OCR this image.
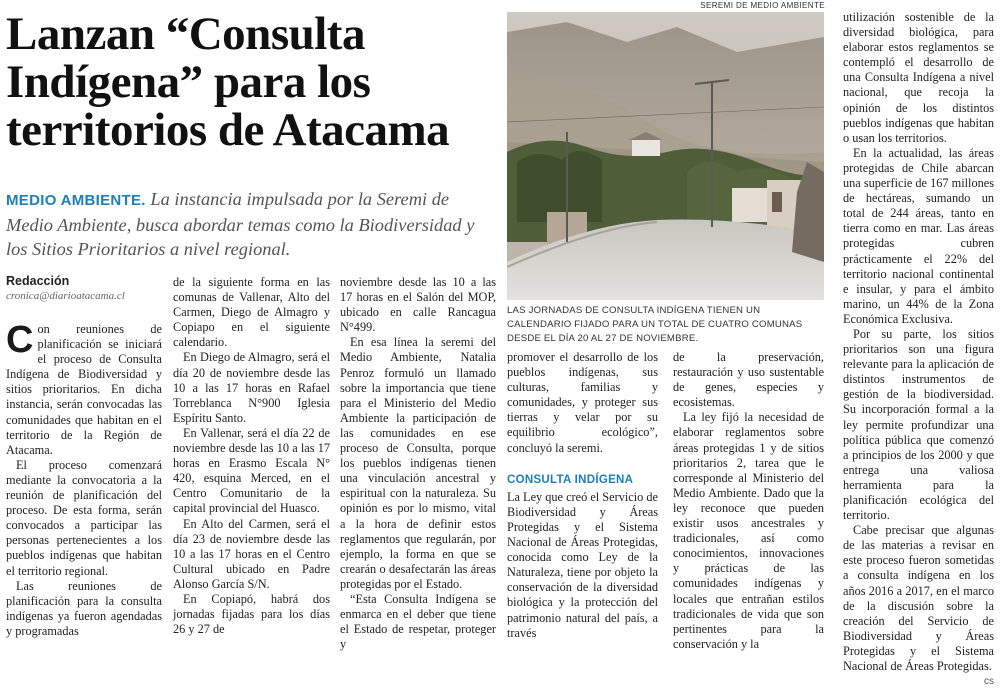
Lanzan “Consulta Indígena” para los territorios de Atacama
MEDIO AMBIENTE. La instancia impulsada por la Seremi de Medio Ambiente, busca abordar temas como la Biodiversidad y los Sitios Prioritarios a nivel regional.
Redacción
cronica@diarioatacama.cl

Con reuniones de planificación se iniciará el proceso de Consulta Indígena de Biodiversidad y sitios prioritarios. En dicha instancia, serán convocadas las comunidades que habitan en el territorio de la Región de Atacama.

El proceso comenzará mediante la convocatoria a la reunión de planificación del proceso. De esta forma, serán convocados a participar las personas pertenecientes a los pueblos indígenas que habitan el territorio regional.

Las reuniones de planificación para la consulta indígenas ya fueron agendadas y programadas

de la siguiente forma en las comunas de Vallenar, Alto del Carmen, Diego de Almagro y Copiapo en el siguiente calendario.

En Diego de Almagro, será el día 20 de noviembre desde las 10 a las 17 horas en Rafael Torreblanca N°900 Iglesia Espíritu Santo.

En Vallenar, será el día 22 de noviembre desde las 10 a las 17 horas en Erasmo Escala N° 420, esquina Merced, en el Centro Comunitario de la capital provincial del Huasco.

En Alto del Carmen, será el día 23 de noviembre desde las 10 a las 17 horas en el Centro Cultural ubicado en Padre Alonso García S/N.

En Copiapó, habrá dos jornadas fijadas para los días 26 y 27 de

noviembre desde las 10 a las 17 horas en el Salón del MOP, ubicado en calle Rancagua N°499.

En esa línea la seremi del Medio Ambiente, Natalia Penroz formuló un llamado sobre la importancia que tiene para el Ministerio del Medio Ambiente la participación de las comunidades en ese proceso de Consulta, porque los pueblos indígenas tienen una vinculación ancestral y espiritual con la naturaleza. Su opinión es por lo mismo, vital a la hora de definir estos reglamentos que regularán, por ejemplo, la forma en que se crearán o desafectarán las áreas protegidas por el Estado.

“Esta Consulta Indígena se enmarca en el deber que tiene el Estado de respetar, proteger y

SEREMI DE MEDIO AMBIENTE
LAS JORNADAS DE CONSULTA INDÍGENA TIENEN UN CALENDARIO FIJADO PARA UN TOTAL DE CUATRO COMUNAS DESDE EL DÍA 20 AL 27 DE NOVIEMBRE.

promover el desarrollo de los pueblos indígenas, sus culturas, familias y comunidades, y proteger sus tierras y velar por su equilibrio ecológico”, concluyó la seremi.

CONSULTA INDÍGENA

La Ley que creó el Servicio de Biodiversidad y Áreas Protegidas y el Sistema Nacional de Áreas Protegidas, conocida como Ley de la Naturaleza, tiene por objeto la conservación de la diversidad biológica y la protección del patrimonio natural del país, a través

de la preservación, restauración y uso sustentable de genes, especies y ecosistemas.

La ley fijó la necesidad de elaborar reglamentos sobre áreas protegidas 1 y de sitios prioritarios 2, tarea que le corresponde al Ministerio del Medio Ambiente. Dado que la ley reconoce que pueden existir usos ancestrales y tradicionales, así como conocimientos, innovaciones y prácticas de las comunidades indígenas y locales que entrañan estilos tradicionales de vida que son pertinentes para la conservación y la

utilización sostenible de la diversidad biológica, para elaborar estos reglamentos se contempló el desarrollo de una Consulta Indígena a nivel nacional, que recoja la opinión de los distintos pueblos indígenas que habitan o usan los territorios.

En la actualidad, las áreas protegidas de Chile abarcan una superficie de 167 millones de hectáreas, sumando un total de 244 áreas, tanto en tierra como en mar. Las áreas protegidas cubren prácticamente el 22% del territorio nacional continental e insular, y para el ámbito marino, un 44% de la Zona Económica Exclusiva.

Por su parte, los sitios prioritarios son una figura relevante para la aplicación de distintos instrumentos de gestión de la biodiversidad. Su incorporación formal a la ley permite profundizar una política pública que comenzó a principios de los 2000 y que entrega una valiosa herramienta para la planificación ecológica del territorio.

Cabe precisar que algunas de las materias a revisar en este proceso fueron sometidas a consulta indígena en los años 2016 a 2017, en el marco de la discusión sobre la creación del Servicio de Biodiversidad y Áreas Protegidas y el Sistema Nacional de Áreas Protegidas.
cs
